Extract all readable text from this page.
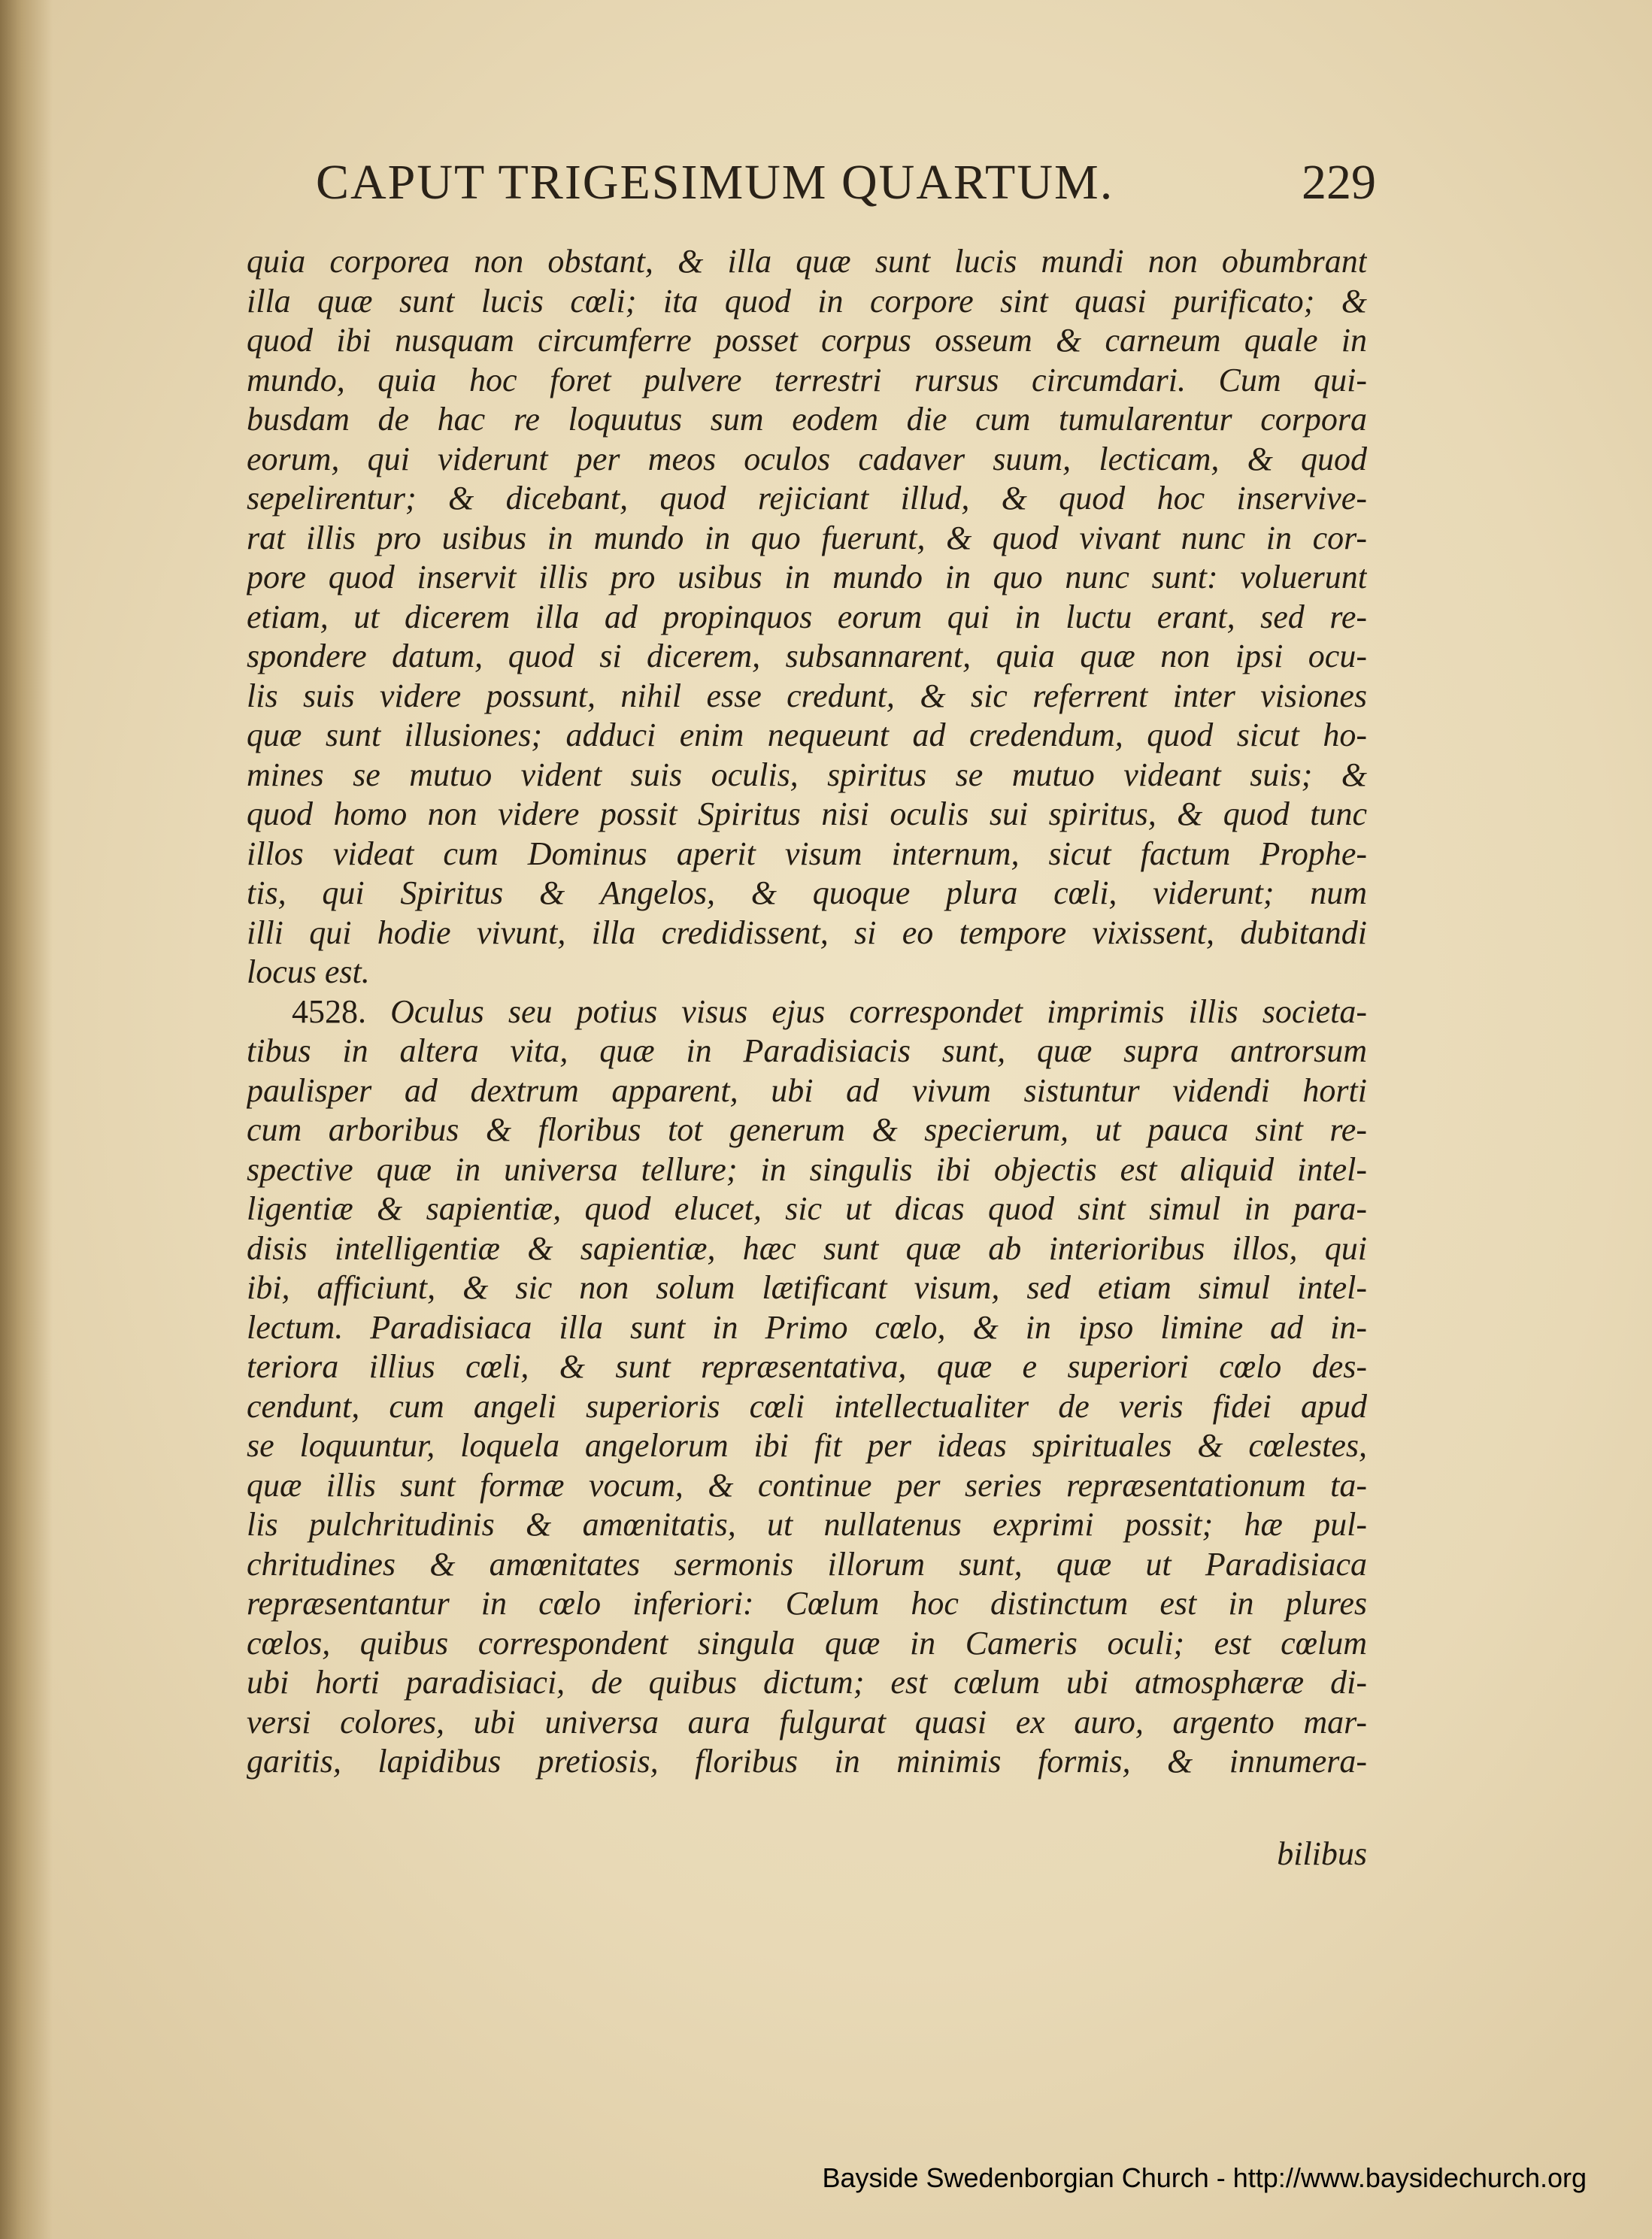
CAPUT TRIGESIMUM QUARTUM.	229
quia corporea non obstant, & illa quæ sunt lucis mundi non obumbrant
illa quæ sunt lucis cœli; ita quod in corpore sint quasi purificato; &
quod ibi nusquam circumferre posset corpus osseum & carneum quale in
mundo, quia hoc foret pulvere terrestri rursus circumdari. Cum qui-
busdam de hac re loquutus sum eodem die cum tumularentur corpora
eorum, qui viderunt per meos oculos cadaver suum, lecticam, & quod
sepelirentur; & dicebant, quod rejiciant illud, & quod hoc inservive-
rat illis pro usibus in mundo in quo fuerunt, & quod vivant nunc in cor-
pore quod inservit illis pro usibus in mundo in quo nunc sunt: voluerunt
etiam, ut dicerem illa ad propinquos eorum qui in luctu erant, sed re-
spondere datum, quod si dicerem, subsannarent, quia quæ non ipsi ocu-
lis suis videre possunt, nihil esse credunt, & sic referrent inter visiones
quæ sunt illusiones; adduci enim nequeunt ad credendum, quod sicut ho-
mines se mutuo vident suis oculis, spiritus se mutuo videant suis; &
quod homo non videre possit Spiritus nisi oculis sui spiritus, & quod tunc
illos videat cum Dominus aperit visum internum, sicut factum Prophe-
tis, qui Spiritus & Angelos, & quoque plura cœli, viderunt; num
illi qui hodie vivunt, illa credidissent, si eo tempore vixissent, dubitandi
locus est.
4528. Oculus seu potius visus ejus correspondet imprimis illis societa-
tibus in altera vita, quæ in Paradisiacis sunt, quæ supra antrorsum
paulisper ad dextrum apparent, ubi ad vivum sistuntur videndi horti
cum arboribus & floribus tot generum & specierum, ut pauca sint re-
spective quæ in universa tellure; in singulis ibi objectis est aliquid intel-
ligentiæ & sapientiæ, quod elucet, sic ut dicas quod sint simul in para-
disis intelligentiæ & sapientiæ, hæc sunt quæ ab interioribus illos, qui
ibi, afficiunt, & sic non solum lætificant visum, sed etiam simul intel-
lectum. Paradisiaca illa sunt in Primo cœlo, & in ipso limine ad in-
teriora illius cœli, & sunt repræsentativa, quæ e superiori cœlo des-
cendunt, cum angeli superioris cœli intellectualiter de veris fidei apud
se loquuntur, loquela angelorum ibi fit per ideas spirituales & cœlestes,
quæ illis sunt formæ vocum, & continue per series repræsentationum ta-
lis pulchritudinis & amœnitatis, ut nullatenus exprimi possit; hæ pul-
chritudines & amœnitates sermonis illorum sunt, quæ ut Paradisiaca
repræsentantur in cœlo inferiori: Cœlum hoc distinctum est in plures
cœlos, quibus correspondent singula quæ in Cameris oculi; est cœlum
ubi horti paradisiaci, de quibus dictum; est cœlum ubi atmosphæræ di-
versi colores, ubi universa aura fulgurat quasi ex auro, argento mar-
garitis, lapidibus pretiosis, floribus in minimis formis, & innumera-
bilibus
Bayside Swedenborgian Church - http://www.baysidechurch.org
